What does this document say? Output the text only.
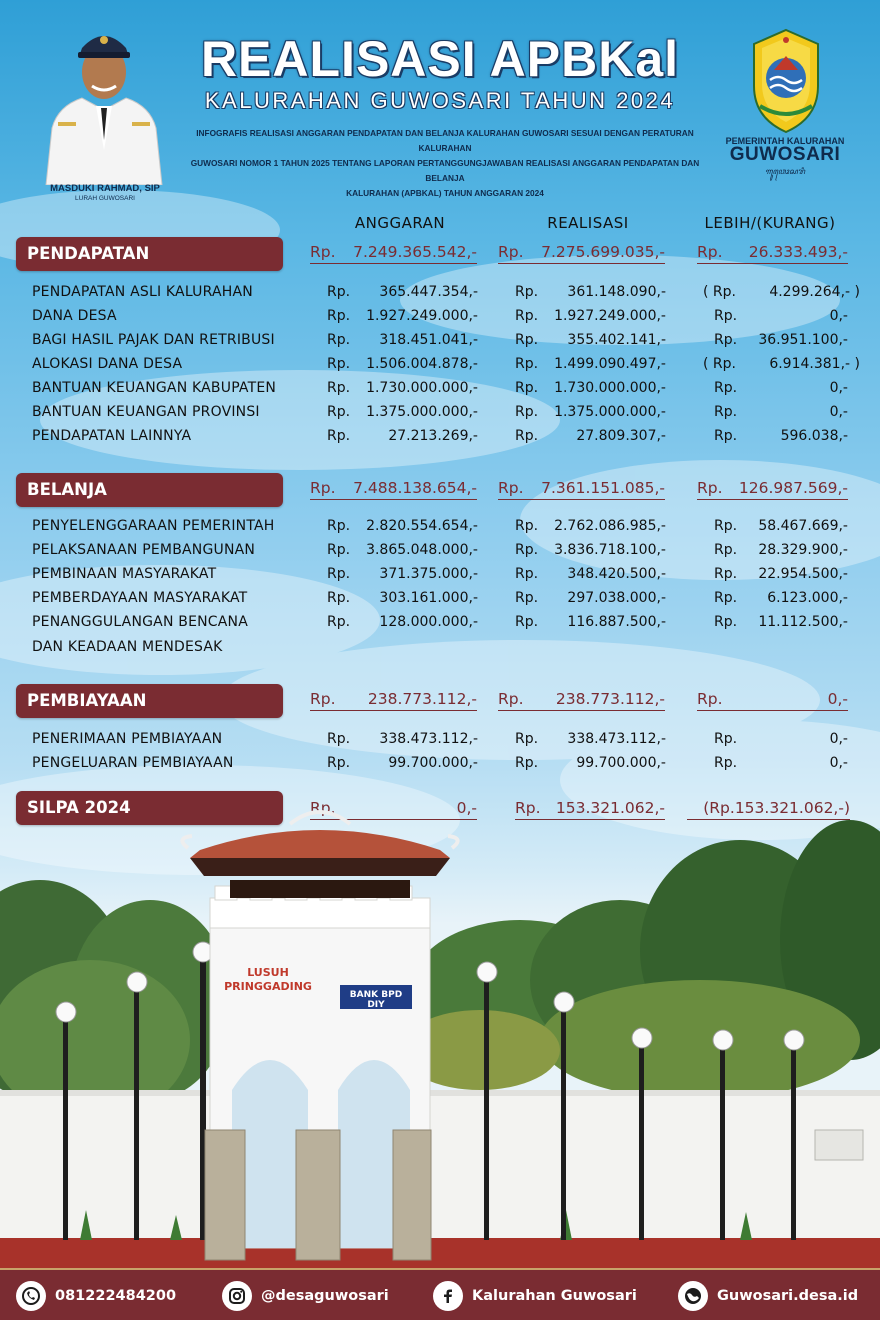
MASDUKI RAHMAD, SIP
LURAH GUWOSARI
REALISASI APBKal
KALURAHAN GUWOSARI TAHUN 2024
INFOGRAFIS REALISASI ANGGARAN PENDAPATAN DAN BELANJA KALURAHAN GUWOSARI SESUAI DENGAN PERATURAN KALURAHAN
GUWOSARI NOMOR 1 TAHUN 2025 TENTANG LAPORAN PERTANGGUNGJAWABAN REALISASI ANGGARAN PENDAPATAN DAN BELANJA
KALURAHAN (APBKAL) TAHUN ANGGARAN 2024
PEMERINTAH KALURAHAN
GUWOSARI
ꦒꦸꦮꦺꦴꦱꦫꦶ
ANGGARAN	REALISASI	LEBIH/(KURANG)
PENDAPATAN	Rp. 7.249.365.542,- Rp. 7.275.699.035,- Rp. 26.333.493,-
PENDAPATAN ASLI KALURAHAN	Rp. 365.447.354,-	Rp. 361.148.090,-	( Rp. 4.299.264,- )
DANA DESA	Rp. 1.927.249.000,-	Rp. 1.927.249.000,-	Rp.	0,-
BAGI HASIL PAJAK DAN RETRIBUSI	Rp. 318.451.041,-	Rp. 355.402.141,-	Rp. 36.951.100,-
ALOKASI DANA DESA	Rp. 1.506.004.878,-	Rp. 1.499.090.497,-	( Rp. 6.914.381,- )
BANTUAN KEUANGAN KABUPATEN	Rp. 1.730.000.000,-	Rp. 1.730.000.000,-	Rp.	0,-
BANTUAN KEUANGAN PROVINSI	Rp. 1.375.000.000,-	Rp. 1.375.000.000,-	Rp.	0,-
PENDAPATAN LAINNYA	Rp.	27.213.269,-	Rp.	27.809.307,-	Rp.	596.038,-
BELANJA	Rp. 7.488.138.654,- Rp. 7.361.151.085,- Rp. 126.987.569,-
PENYELENGGARAAN PEMERINTAH	Rp. 2.820.554.654,-	Rp. 2.762.086.985,-	Rp. 58.467.669,-
PELAKSANAAN PEMBANGUNAN	Rp. 3.865.048.000,-	Rp. 3.836.718.100,-	Rp. 28.329.900,-
PEMBINAAN MASYARAKAT	Rp. 371.375.000,-	Rp. 348.420.500,-	Rp. 22.954.500,-
PEMBERDAYAAN MASYARAKAT	Rp. 303.161.000,-	Rp. 297.038.000,-	Rp. 6.123.000,-
PENANGGULANGAN BENCANA	Rp. 128.000.000,-	Rp. 116.887.500,-	Rp. 11.112.500,-
DAN KEADAAN MENDESAK
PEMBIAYAAN	Rp. 238.773.112,- Rp. 238.773.112,- Rp.	0,-
PENERIMAAN PEMBIAYAAN	Rp. 338.473.112,-	Rp. 338.473.112,-	Rp.	0,-
PENGELUARAN PEMBIAYAAN	Rp.	99.700.000,-	Rp.	99.700.000,-	Rp.	0,-
SILPA 2024	Rp.	0,- Rp. 153.321.062,- (Rp.153.321.062,-)
LUSUH PRINGGADING
BANK BPD DIY
081222484200	@desaguwosari	Kalurahan Guwosari	Guwosari.desa.id
